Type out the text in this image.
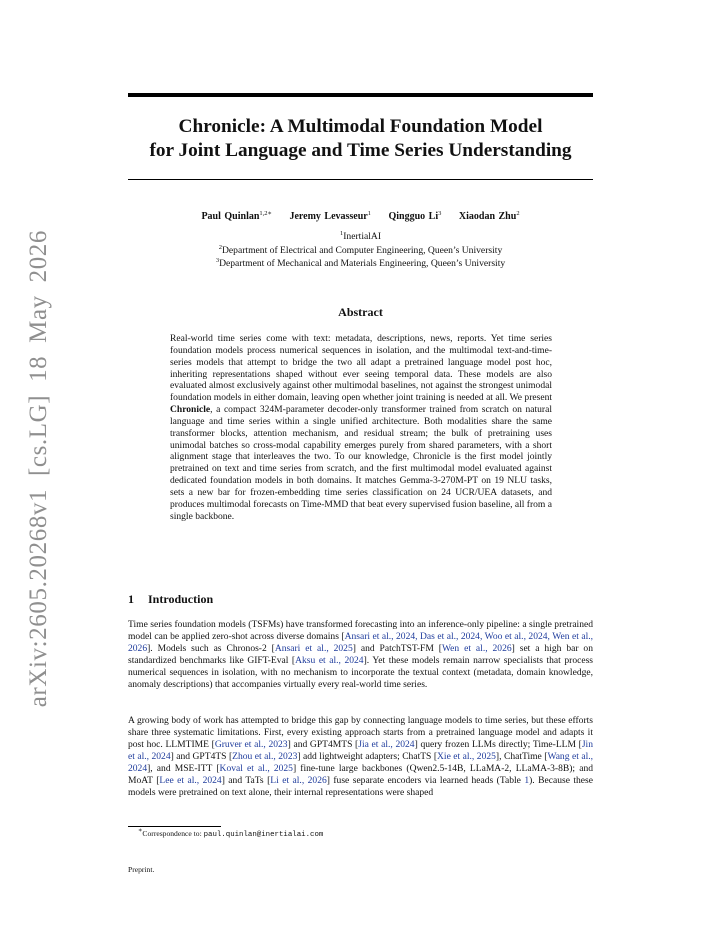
arXiv:2605.20268v1 [cs.LG] 18 May 2026
Chronicle: A Multimodal Foundation Model
for Joint Language and Time Series Understanding
Paul Quinlan$^{1,2∗}$ Jeremy Levasseur$^1$ Qingguo Li$^3$ Xiaodan Zhu$^2$
$^1$InertialAI
$^2$Department of Electrical and Computer Engineering, Queen’s University
$^3$Department of Mechanical and Materials Engineering, Queen’s University
Abstract
Real-world time series come with text: metadata, descriptions, news, reports. Yet time series foundation models process numerical sequences in isolation, and the multimodal text-and-time-series models that attempt to bridge the two all adapt a pretrained language model post hoc, inheriting representations shaped without ever seeing temporal data. These models are also evaluated almost exclusively against other multimodal baselines, not against the strongest unimodal foundation models in either domain, leaving open whether joint training is needed at all. We present Chronicle, a compact 324M-parameter decoder-only transformer trained from scratch on natural language and time series within a single unified architecture. Both modalities share the same transformer blocks, attention mechanism, and residual stream; the bulk of pretraining uses unimodal batches so cross-modal capability emerges purely from shared parameters, with a short alignment stage that interleaves the two. To our knowledge, Chronicle is the first model jointly pretrained on text and time series from scratch, and the first multimodal model evaluated against dedicated foundation models in both domains. It matches Gemma-3-270M-PT on 19 NLU tasks, sets a new bar for frozen-embedding time series classification on 24 UCR/UEA datasets, and produces multimodal forecasts on Time-MMD that beat every supervised fusion baseline, all from a single backbone.
1 Introduction
Time series foundation models (TSFMs) have transformed forecasting into an inference-only pipeline: a single pretrained model can be applied zero-shot across diverse domains [Ansari et al., 2024, Das et al., 2024, Woo et al., 2024, Wen et al., 2026]. Models such as Chronos-2 [Ansari et al., 2025] and PatchTST-FM [Wen et al., 2026] set a high bar on standardized benchmarks like GIFT-Eval [Aksu et al., 2024]. Yet these models remain narrow specialists that process numerical sequences in isolation, with no mechanism to incorporate the textual context (metadata, domain knowledge, anomaly descriptions) that accompanies virtually every real-world time series.
A growing body of work has attempted to bridge this gap by connecting language models to time series, but these efforts share three systematic limitations. First, every existing approach starts from a pretrained language model and adapts it post hoc. LLMTIME [Gruver et al., 2023] and GPT4MTS [Jia et al., 2024] query frozen LLMs directly; Time-LLM [Jin et al., 2024] and GPT4TS [Zhou et al., 2023] add lightweight adapters; ChatTS [Xie et al., 2025], ChatTime [Wang et al., 2024], and MSE-ITT [Koval et al., 2025] fine-tune large backbones (Qwen2.5-14B, LLaMA-2, LLaMA-3-8B); and MoAT [Lee et al., 2024] and TaTs [Li et al., 2026] fuse separate encoders via learned heads (Table 1). Because these models were pretrained on text alone, their internal representations were shaped
∗Correspondence to: paul.quinlan@inertialai.com
Preprint.
